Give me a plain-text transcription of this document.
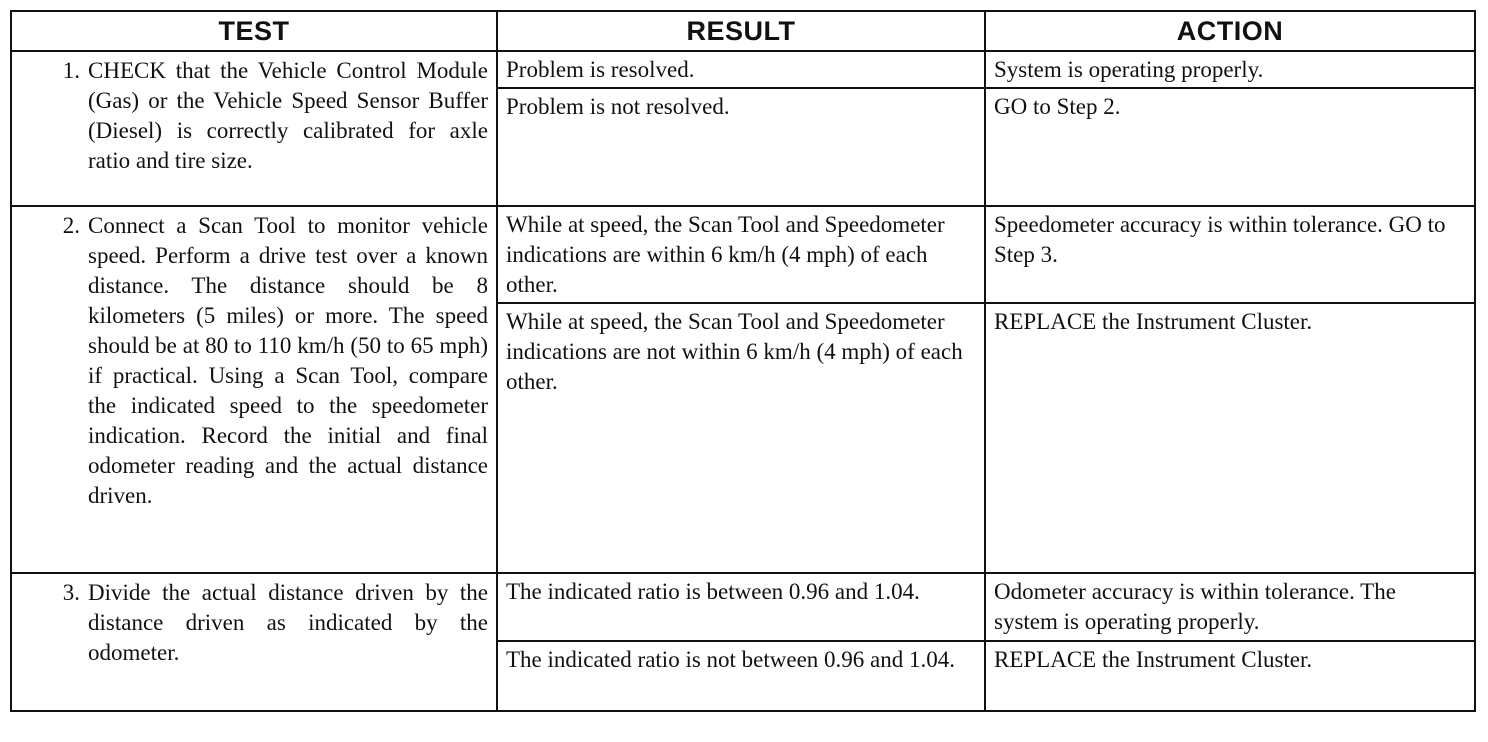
TEST	RESULT	ACTION

1. CHECK that the Vehicle Control Module (Gas) or the Vehicle Speed Sensor Buffer (Diesel) is correctly calibrated for axle ratio and tire size.	Problem is resolved.	System is operating properly.

	Problem is not resolved.	GO to Step 2.

2. Connect a Scan Tool to monitor vehicle speed. Perform a drive test over a known distance. The distance should be 8 kilometers (5 miles) or more. The speed should be at 80 to 110 km/h (50 to 65 mph) if practical. Using a Scan Tool, compare the indicated speed to the speedometer indication. Record the initial and final odometer reading and the actual distance driven.	While at speed, the Scan Tool and Speedometer indications are within 6 km/h (4 mph) of each other.	Speedometer accuracy is within tolerance. GO to Step 3.

	While at speed, the Scan Tool and Speedometer indications are not within 6 km/h (4 mph) of each other.	REPLACE the Instrument Cluster.

3. Divide the actual distance driven by the distance driven as indicated by the odometer.	The indicated ratio is between 0.96 and 1.04.	Odometer accuracy is within tolerance. The system is operating properly.

	The indicated ratio is not between 0.96 and 1.04.	REPLACE the Instrument Cluster.
